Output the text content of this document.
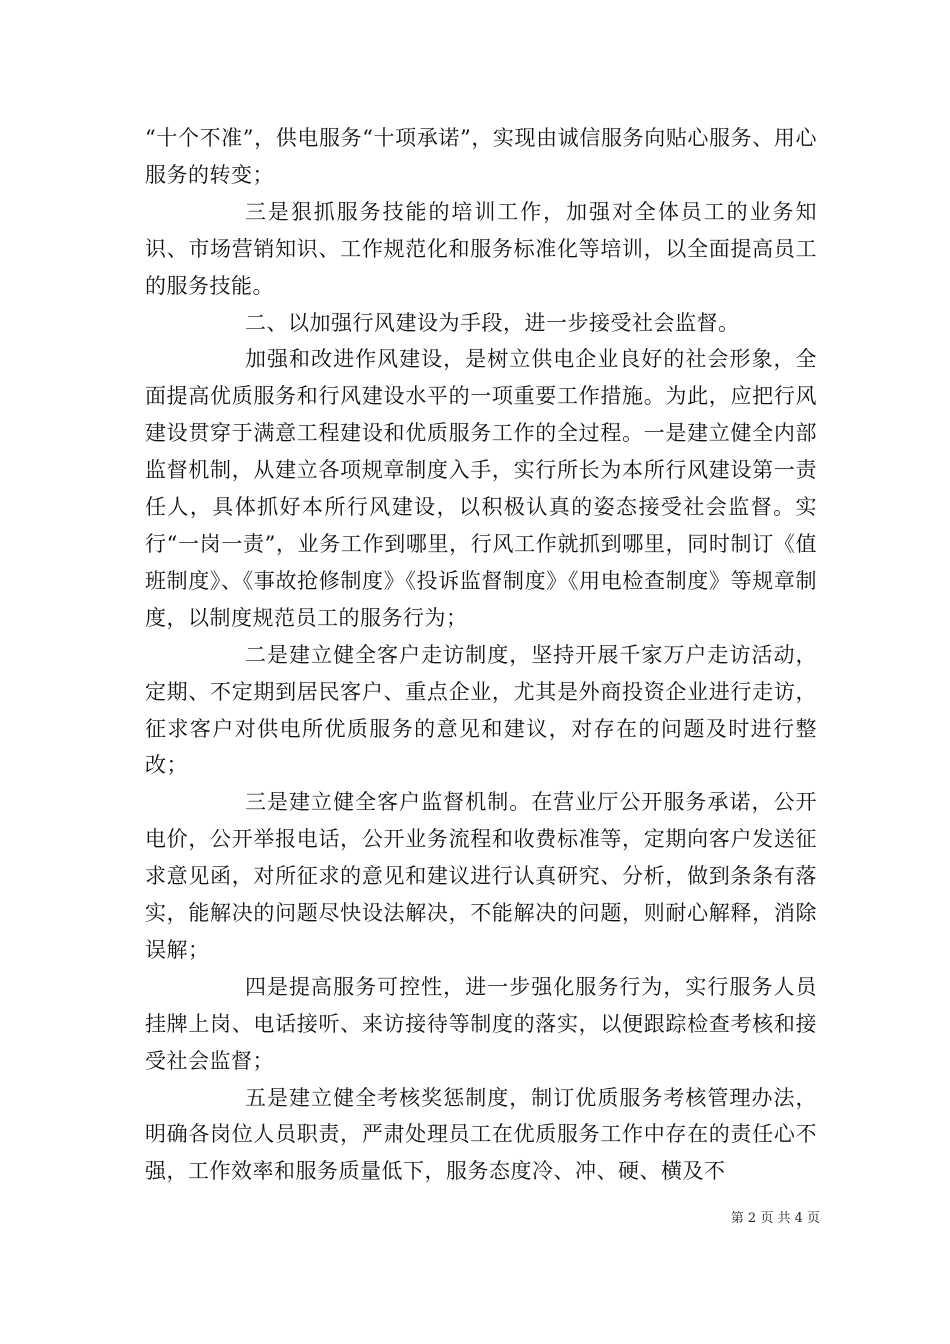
“十个不准”，供电服务“十项承诺”，实现由诚信服务向贴心服务、用心服务的转变；

三是狠抓服务技能的培训工作，加强对全体员工的业务知识、市场营销知识、工作规范化和服务标准化等培训，以全面提高员工的服务技能。

二、以加强行风建设为手段，进一步接受社会监督。

加强和改进作风建设，是树立供电企业良好的社会形象，全面提高优质服务和行风建设水平的一项重要工作措施。为此，应把行风建设贯穿于满意工程建设和优质服务工作的全过程。一是建立健全内部监督机制，从建立各项规章制度入手，实行所长为本所行风建设第一责任人，具体抓好本所行风建设，以积极认真的姿态接受社会监督。实行“一岗一责”，业务工作到哪里，行风工作就抓到哪里，同时制订《值班制度》、《事故抢修制度》《投诉监督制度》《用电检查制度》等规章制度，以制度规范员工的服务行为；

二是建立健全客户走访制度，坚持开展千家万户走访活动，定期、不定期到居民客户、重点企业，尤其是外商投资企业进行走访，征求客户对供电所优质服务的意见和建议，对存在的问题及时进行整改；

三是建立健全客户监督机制。在营业厅公开服务承诺，公开电价，公开举报电话，公开业务流程和收费标准等，定期向客户发送征求意见函，对所征求的意见和建议进行认真研究、分析，做到条条有落实，能解决的问题尽快设法解决，不能解决的问题，则耐心解释，消除误解；

四是提高服务可控性，进一步强化服务行为，实行服务人员挂牌上岗、电话接听、来访接待等制度的落实，以便跟踪检查考核和接受社会监督；

五是建立健全考核奖惩制度，制订优质服务考核管理办法，明确各岗位人员职责，严肃处理员工在优质服务工作中存在的责任心不强，工作效率和服务质量低下，服务态度冷、冲、硬、横及不

第 2 页 共 4 页
